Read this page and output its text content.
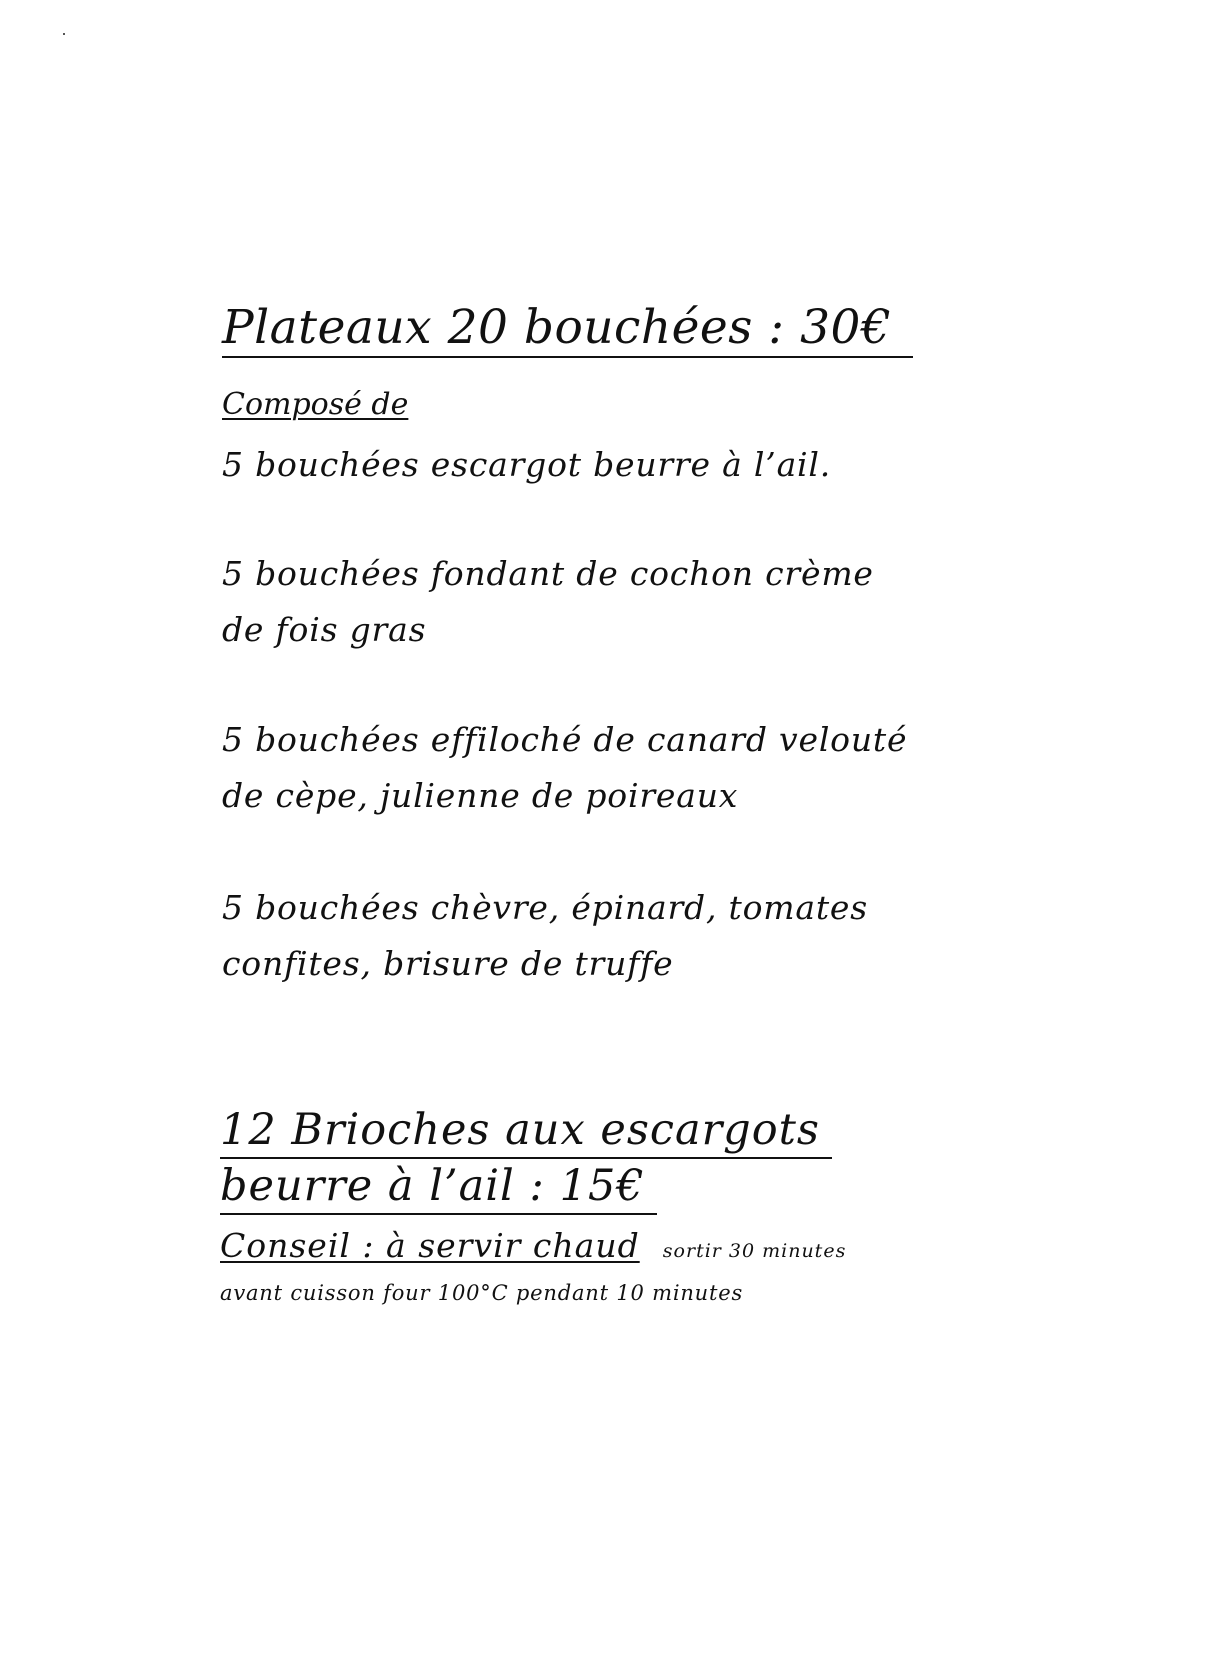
Plateaux 20 bouchées : 30€
Composé de
5 bouchées escargot beurre à l’ail.
5 bouchées fondant de cochon crème
de fois gras
5 bouchées effiloché de canard velouté
de cèpe, julienne de poireaux
5 bouchées chèvre, épinard, tomates
confites, brisure de truffe
12 Brioches aux escargots
beurre à l’ail : 15€
Conseil : à servir chaud sortir 30 minutes
avant cuisson four 100°C pendant 10 minutes
